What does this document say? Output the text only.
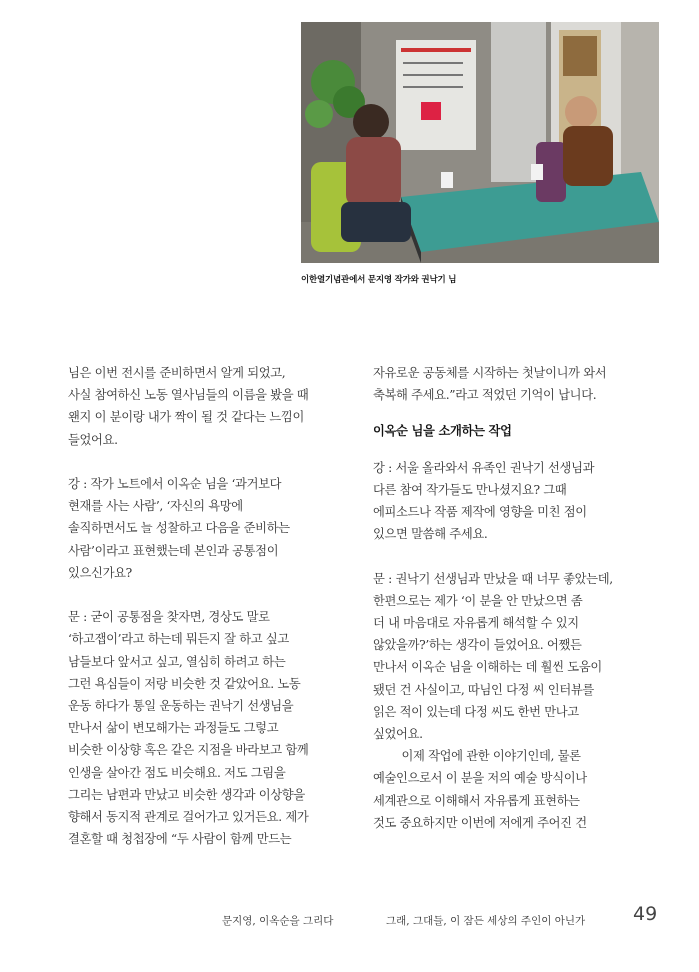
이한열기념관에서 문지영 작가와 권낙기 님

님은 이번 전시를 준비하면서 알게 되었고,
사실 참여하신 노동 열사님들의 이름을 봤을 때
왠지 이 분이랑 내가 짝이 될 것 같다는 느낌이
들었어요.

강 : 작가 노트에서 이옥순 님을 ‘과거보다
현재를 사는 사람’, ‘자신의 욕망에
솔직하면서도 늘 성찰하고 다음을 준비하는
사람’이라고 표현했는데 본인과 공통점이
있으신가요?

문 : 굳이 공통점을 찾자면, 경상도 말로
‘하고잽이’라고 하는데 뭐든지 잘 하고 싶고
남들보다 앞서고 싶고, 열심히 하려고 하는
그런 욕심들이 저랑 비슷한 것 같았어요. 노동
운동 하다가 통일 운동하는 권낙기 선생님을
만나서 삶이 변모해가는 과정들도 그렇고
비슷한 이상향 혹은 같은 지점을 바라보고 함께
인생을 살아간 점도 비슷해요. 저도 그림을
그리는 남편과 만났고 비슷한 생각과 이상향을
향해서 동지적 관계로 걸어가고 있거든요. 제가
결혼할 때 청첩장에 “두 사람이 함께 만드는

자유로운 공동체를 시작하는 첫날이니까 와서
축복해 주세요.”라고 적었던 기억이 납니다.

이옥순 님을 소개하는 작업

강 : 서울 올라와서 유족인 권낙기 선생님과
다른 참여 작가들도 만나셨지요? 그때
에피소드나 작품 제작에 영향을 미친 점이
있으면 말씀해 주세요.

문 : 권낙기 선생님과 만났을 때 너무 좋았는데,
한편으로는 제가 ‘이 분을 안 만났으면 좀
더 내 마음대로 자유롭게 해석할 수 있지
않았을까?’하는 생각이 들었어요. 어쨌든
만나서 이옥순 님을 이해하는 데 훨씬 도움이
됐던 건 사실이고, 따님인 다정 씨 인터뷰를
읽은 적이 있는데 다정 씨도 한번 만나고
싶었어요.

이제 작업에 관한 이야기인데, 물론
예술인으로서 이 분을 저의 예술 방식이나
세계관으로 이해해서 자유롭게 표현하는
것도 중요하지만 이번에 저에게 주어진 건

문지영, 이옥순을 그리다	그래, 그대들, 이 잠든 세상의 주인이 아닌가	49
